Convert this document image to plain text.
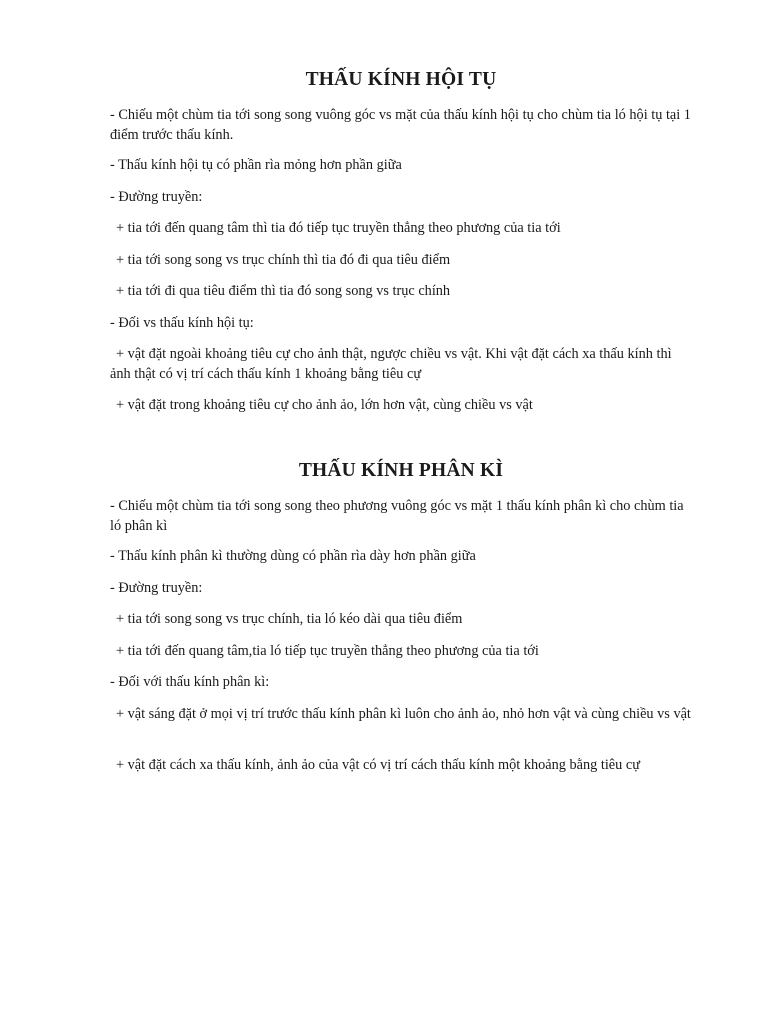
THẤU KÍNH HỘI TỤ

- Chiếu một chùm tia tới song song vuông góc vs mặt của thấu kính hội tụ cho chùm tia ló hội tụ tại 1 điểm trước thấu kính.

- Thấu kính hội tụ có phần rìa mỏng hơn phần giữa

- Đường truyền:

+ tia tới đến quang tâm thì tia đó tiếp tục truyền thẳng theo phương của tia tới

+ tia tới song song vs trục chính thì tia đó đi qua tiêu điểm

+ tia tới đi qua tiêu điểm thì tia đó song song vs trục chính

- Đối vs thấu kính hội tụ:

+ vật đặt ngoài khoảng tiêu cự cho ảnh thật, ngược chiều vs vật. Khi vật đặt cách xa thấu kính thì ảnh thật có vị trí cách thấu kính 1 khoảng bằng tiêu cự

+ vật đặt trong khoảng tiêu cự cho ảnh ảo, lớn hơn vật, cùng chiều vs vật

THẤU KÍNH PHÂN KÌ

- Chiếu một chùm tia tới song song theo phương vuông góc vs mặt 1 thấu kính phân kì cho chùm tia ló phân kì

- Thấu kính phân kì thường dùng có phần rìa dày hơn phần giữa

- Đường truyền:

+ tia tới song song vs trục chính, tia ló kéo dài qua tiêu điểm

+ tia tới đến quang tâm,tia ló tiếp tục truyền thẳng theo phương của tia tới

- Đối với thấu kính phân kì:

+ vật sáng đặt ở mọi vị trí trước thấu kính phân kì luôn cho ảnh ảo, nhỏ hơn vật và cùng chiều vs vật

+ vật đặt cách xa thấu kính, ảnh ảo của vật có vị trí cách thấu kính một khoảng bằng tiêu cự
